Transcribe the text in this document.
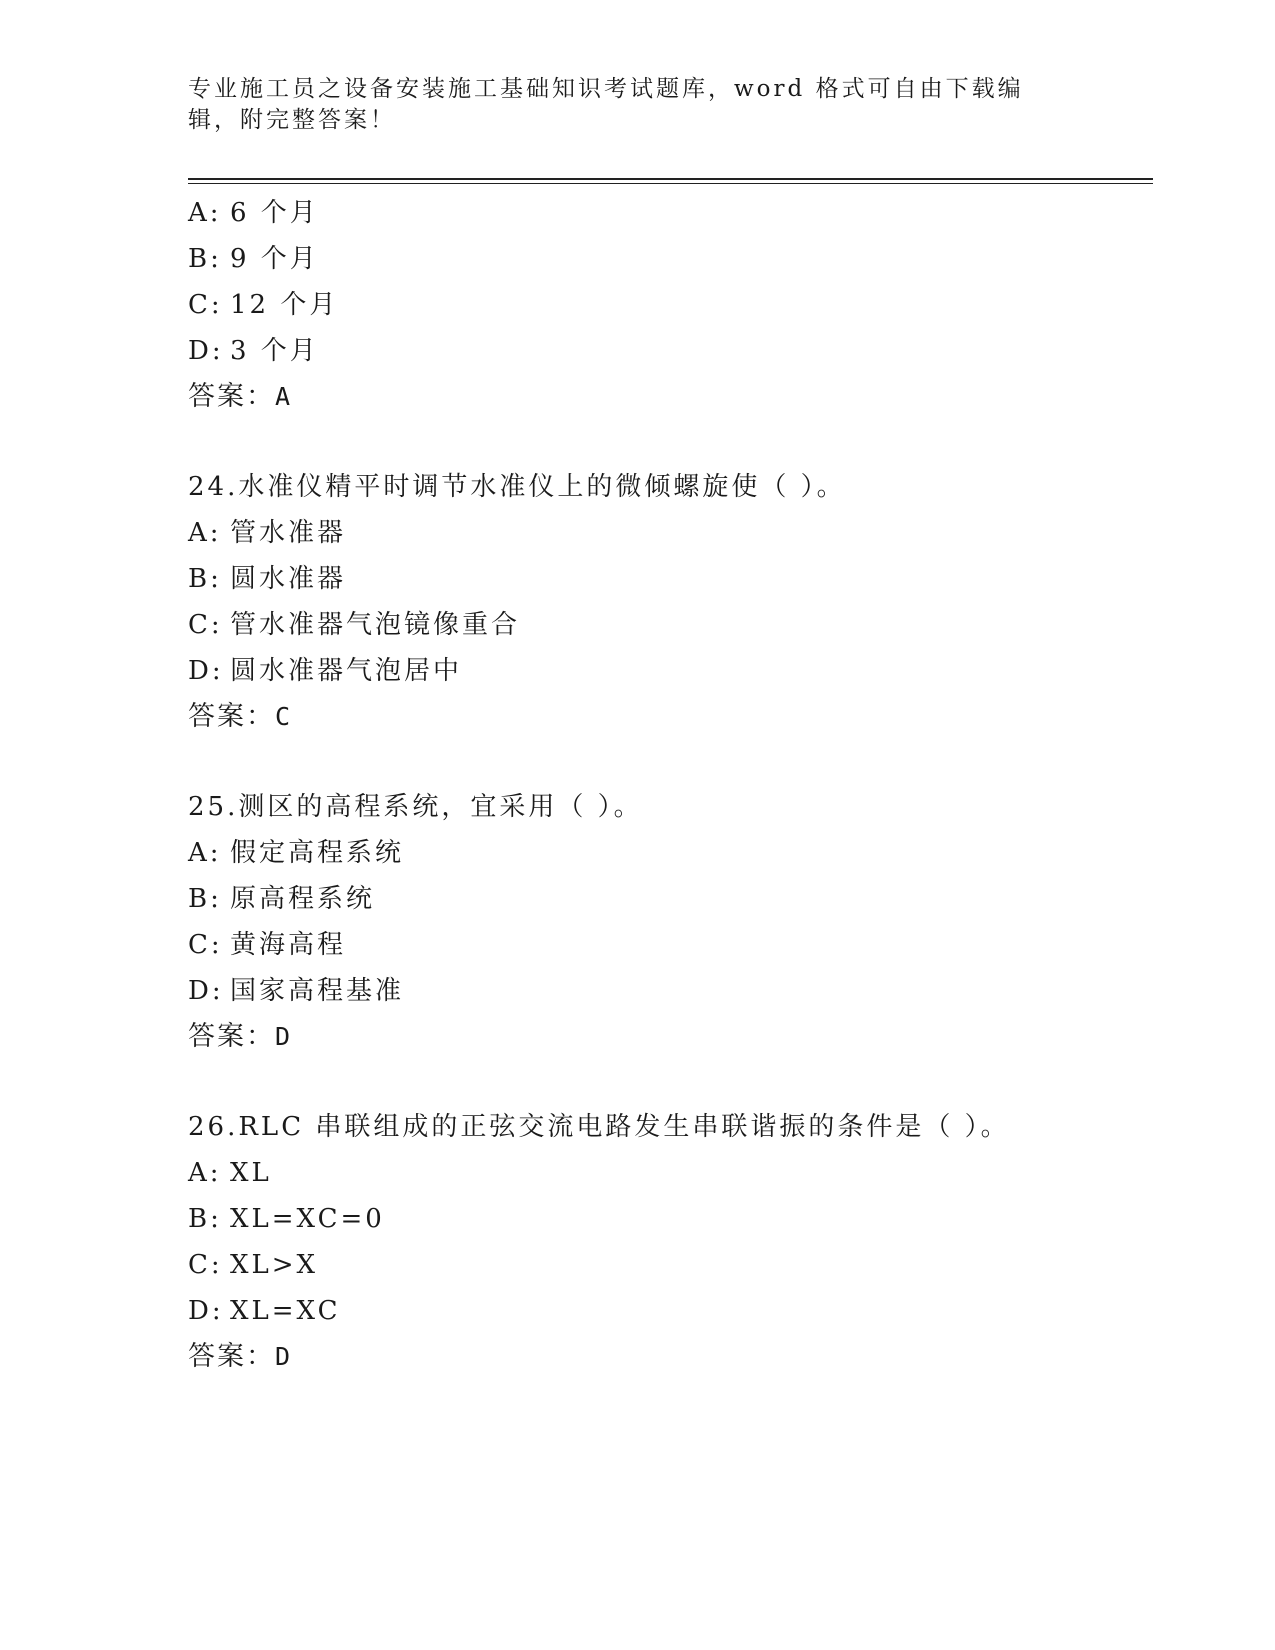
专业施工员之设备安装施工基础知识考试题库，word 格式可自由下载编辑，附完整答案！
A: 6 个月
B: 9 个月
C: 12 个月
D: 3 个月
答案：A
24.水准仪精平时调节水准仪上的微倾螺旋使（ ）。
A: 管水准器
B: 圆水准器
C: 管水准器气泡镜像重合
D: 圆水准器气泡居中
答案：C
25.测区的高程系统，宜采用（ ）。
A: 假定高程系统
B: 原高程系统
C: 黄海高程
D: 国家高程基准
答案：D
26.RLC 串联组成的正弦交流电路发生串联谐振的条件是（ ）。
A: XL
B: XL=XC=0
C: XL>X
D: XL=XC
答案：D
